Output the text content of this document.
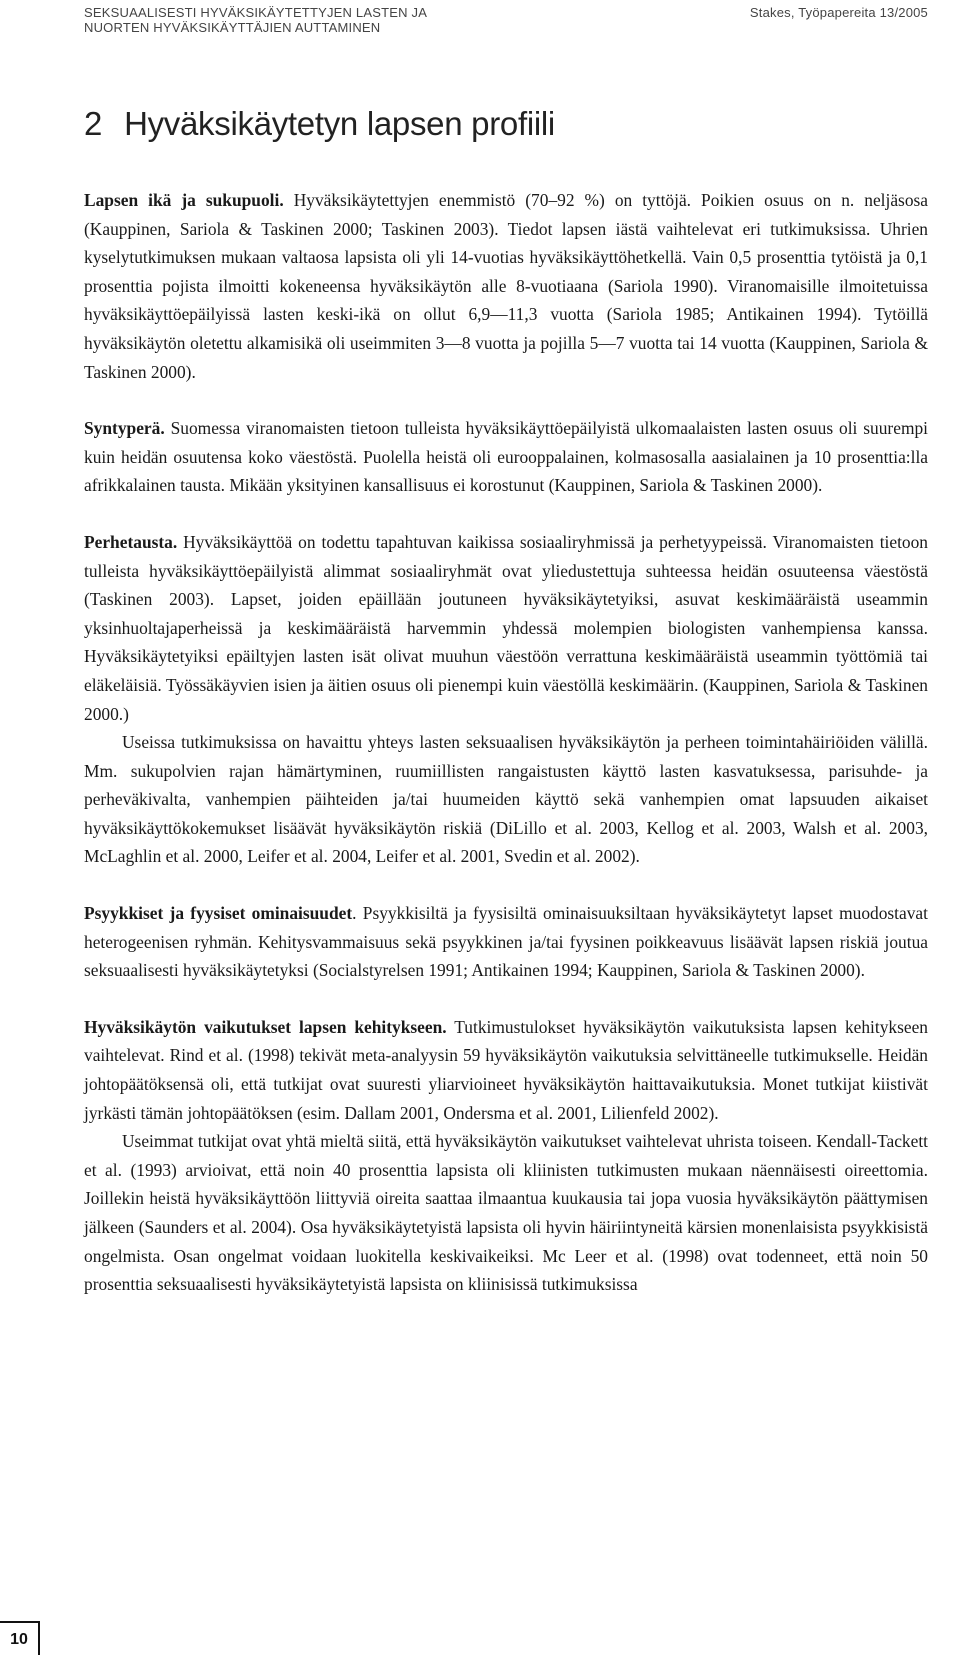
SEKSUAALISESTI HYVÄKSIKÄYTETTYJEN LASTEN JA
NUORTEN HYVÄKSIKÄYTTÄJIEN AUTTAMINEN
Stakes, Työpapereita 13/2005
2 Hyväksikäytetyn lapsen profiili

Lapsen ikä ja sukupuoli. Hyväksikäytettyjen enemmistö (70–92 %) on tyttöjä. Poikien osuus on n. neljäsosa (Kauppinen, Sariola & Taskinen 2000; Taskinen 2003). Tiedot lapsen iästä vaihtelevat eri tutkimuksissa. Uhrien kyselytutkimuksen mukaan valtaosa lapsista oli yli 14-vuotias hyväksikäyttöhetkellä. Vain 0,5 prosenttia tytöistä ja 0,1 prosenttia pojista ilmoitti kokeneensa hyväksikäytön alle 8-vuotiaana (Sariola 1990). Viranomaisille ilmoitetuissa hyväksikäyttöepäilyissä lasten keski-ikä on ollut 6,9—11,3 vuotta (Sariola 1985; Antikainen 1994). Tytöillä hyväksikäytön oletettu alkamisikä oli useimmiten 3—8 vuotta ja pojilla 5—7 vuotta tai 14 vuotta (Kauppinen, Sariola & Taskinen 2000).

Syntyperä. Suomessa viranomaisten tietoon tulleista hyväksikäyttöepäilyistä ulkomaalaisten lasten osuus oli suurempi kuin heidän osuutensa koko väestöstä. Puolella heistä oli eurooppalainen, kolmasosalla aasialainen ja 10 prosenttia:lla afrikkalainen tausta. Mikään yksityinen kansallisuus ei korostunut (Kauppinen, Sariola & Taskinen 2000).

Perhetausta. Hyväksikäyttöä on todettu tapahtuvan kaikissa sosiaaliryhmissä ja perhetyypeissä. Viranomaisten tietoon tulleista hyväksikäyttöepäilyistä alimmat sosiaaliryhmät ovat yliedustettuja suhteessa heidän osuuteensa väestöstä (Taskinen 2003). Lapset, joiden epäillään joutuneen hyväksikäytetyiksi, asuvat keskimääräistä useammin yksinhuoltajaperheissä ja keskimääräistä harvemmin yhdessä molempien biologisten vanhempiensa kanssa. Hyväksikäytetyiksi epäiltyjen lasten isät olivat muuhun väestöön verrattuna keskimääräistä useammin työttömiä tai eläkeläisiä. Työssäkäyvien isien ja äitien osuus oli pienempi kuin väestöllä keskimäärin. (Kauppinen, Sariola & Taskinen 2000.)

Useissa tutkimuksissa on havaittu yhteys lasten seksuaalisen hyväksikäytön ja perheen toimintahäiriöiden välillä. Mm. sukupolvien rajan hämärtyminen, ruumiillisten rangaistusten käyttö lasten kasvatuksessa, parisuhde- ja perheväkivalta, vanhempien päihteiden ja/tai huumeiden käyttö sekä vanhempien omat lapsuuden aikaiset hyväksikäyttökokemukset lisäävät hyväksikäytön riskiä (DiLillo et al. 2003, Kellog et al. 2003, Walsh et al. 2003, McLaghlin et al. 2000, Leifer et al. 2004, Leifer et al. 2001, Svedin et al. 2002).

Psyykkiset ja fyysiset ominaisuudet. Psyykkisiltä ja fyysisiltä ominaisuuksiltaan hyväksikäytetyt lapset muodostavat heterogeenisen ryhmän. Kehitysvammaisuus sekä psyykkinen ja/tai fyysinen poikkeavuus lisäävät lapsen riskiä joutua seksuaalisesti hyväksikäytetyksi (Socialstyrelsen 1991; Antikainen 1994; Kauppinen, Sariola & Taskinen 2000).

Hyväksikäytön vaikutukset lapsen kehitykseen. Tutkimustulokset hyväksikäytön vaikutuksista lapsen kehitykseen vaihtelevat. Rind et al. (1998) tekivät meta-analyysin 59 hyväksikäytön vaikutuksia selvittäneelle tutkimukselle. Heidän johtopäätöksensä oli, että tutkijat ovat suuresti yliarvioineet hyväksikäytön haittavaikutuksia. Monet tutkijat kiistivät jyrkästi tämän johtopäätöksen (esim. Dallam 2001, Ondersma et al. 2001, Lilienfeld 2002).

Useimmat tutkijat ovat yhtä mieltä siitä, että hyväksikäytön vaikutukset vaihtelevat uhrista toiseen. Kendall-Tackett et al. (1993) arvioivat, että noin 40 prosenttia lapsista oli kliinisten tutkimusten mukaan näennäisesti oireettomia. Joillekin heistä hyväksikäyttöön liittyviä oireita saattaa ilmaantua kuukausia tai jopa vuosia hyväksikäytön päättymisen jälkeen (Saunders et al. 2004). Osa hyväksikäytetyistä lapsista oli hyvin häiriintyneitä kärsien monenlaisista psyykkisistä ongelmista. Osan ongelmat voidaan luokitella keskivaikeiksi. Mc Leer et al. (1998) ovat todenneet, että noin 50 prosenttia seksuaalisesti hyväksikäytetyistä lapsista on kliinisissä tutkimuksissa

10
